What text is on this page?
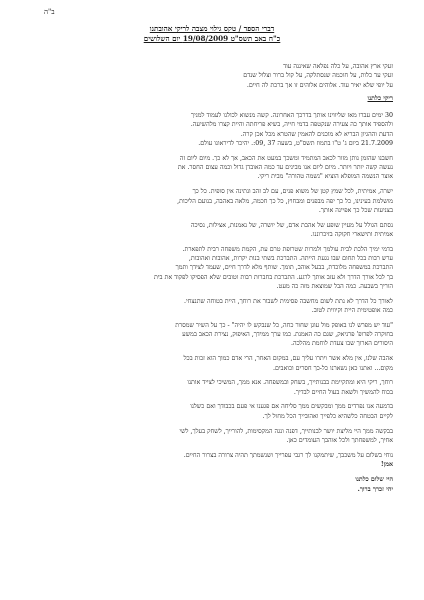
ב"ה
דברי הספד / טקס גילוי מצבה לריקי אהובתנו
כ"ח באב תשס"ט 19/08/2009 יום השלושים
זעקי ארץ אהובה, על כלה נפלאה שאיננה עוד
זעקי עד כלות, על חוכמה שנסתלקה, על קול ברור וצלול שנדם
על יופי שלא יאיר עוד. אלוהים אלוהים זו אך ברכת לה חיים.
ריקי כלתנו
30 ימים עברו מאז שליווינו אותך בדרכך האחרונה. קשה מנשוא לכולנו לעמוד למניך
ולהספיד אותך כה צעירה שנקטפה בדמי חייה, בשיא פריחתה והיית קצרו מלהשיעה.
הדעת וההגיון הבריא לא מוכנים להאמין שהטרא מכל אכן קרה.
21.7.2009 ביום ג' ט"ו בתמוז תשס"ט, בשעה 37 ,09:. יהיכר לדיראונו עולם.
חשבנו שהזמן נותן מזור לכאב המתמיד ומשכך במעט את הכאב, אך לא כך. מיום ליום זה
נעשה קשה יותר ויותר. מיום ליום אנו מבינים עד כמה האובדן גדול וכמה עצום החסר. את
אוצר הנשמה המופלא הוציא "נשמה טהורה" מבית ריקי.
ישרה, אמיתית, לכל שמץ קטן של משוא פנים, עם לב זהב ונתינה אין סופית. כל כך
מושלמת בעינינו, כל כך יפה מבפנים ומבחוץ, כל כך חכמה, מלאה באהבה, בנועם הליכות,
בצניעות שכל כך אפיינה אותך.
נסתם הגולל על מעיין שופע של אהבת אדם, של יושרה, של נאמנות, אצילות, נסיכה
אמיתית ותישארי חקוקה בזיכרוננו.
בדמי ימיך הלכת לבית עולמך ולמרות שטרופת טרם עת, הקמת משפחה רבית לתפארת.
ערש רבות בכל תחום שבו נגעת הייתה. התברכת בשתי בנות יקרות, אהובות ואהובות,
התברכת במשפחה מלוכדת, בבעל אוהב, תומך. שותף מלא לדרך חיים, שעמד לצידך ותמך
בך לכל אורך הדרך ולא עזב אותך לרגע. התברכת בחברות רבות וטובים שלא הפסיקו לפקוד את בית
הוריך בשבעה. כמה הבל שמוצאת מזה כה מעט.
לאורך כל הדרך לא נתת לשום מחשבה פסימית לשבור את רוחך, היית בטוחה שתנצחי.
כמה אופטימית היית וקיווית לטוב.
"עוד יש מפרש לנו באופק מול עוגן שחור כחה, כל שנבקש לו יהיה" - כך על השיר שמסרת
בחוקרה לפרופ' פרניאק, שגם כה האמנת. כמו ערך ממידך, האיפוק, נצירת הכאב במשע
היסורים הארוך שבו צעדת לוחמת מהלכה.
אהבה שלנו, אין מלא אשר ויתרו עליך עם, במקום האחר, הרי אדם כמוך הוא זכות בכל
מקום... ואתנו כאן נשארנו כל-כך חסרים וכואבים.
רוחך, ריקי היא ומתקיימת בבנותייך, בשחק ובמשפחה. אנא ממך, המשיכי לצייד אותנו
בכוח להמשיך ולשאת בעול החיים לבדיך.
בדמעה אנו נפרדים ממך ומבקשים ממך סליחה אם פגענו אי פעם בכבודך ואם כשלנו
לקיים הבטחה כלשהיא כלפייך ואהובייך הכל מחול לך.
בבקשה ממך היי מליצת יושר לבנותייך, דפנה ונגה המקסימות, להורייך, לשחק בעלך, לשי
אחיך, למשפחתך ולכל אוהבך העומדים כאן.
נוחי בשלום על משכבך, שיתמקנו לך רגבי עפרייך ושנשמתך תהיה צרורה בצרור החיים.
אמן!
היי שלום כלתנו
יהי זכרך ברוך.
